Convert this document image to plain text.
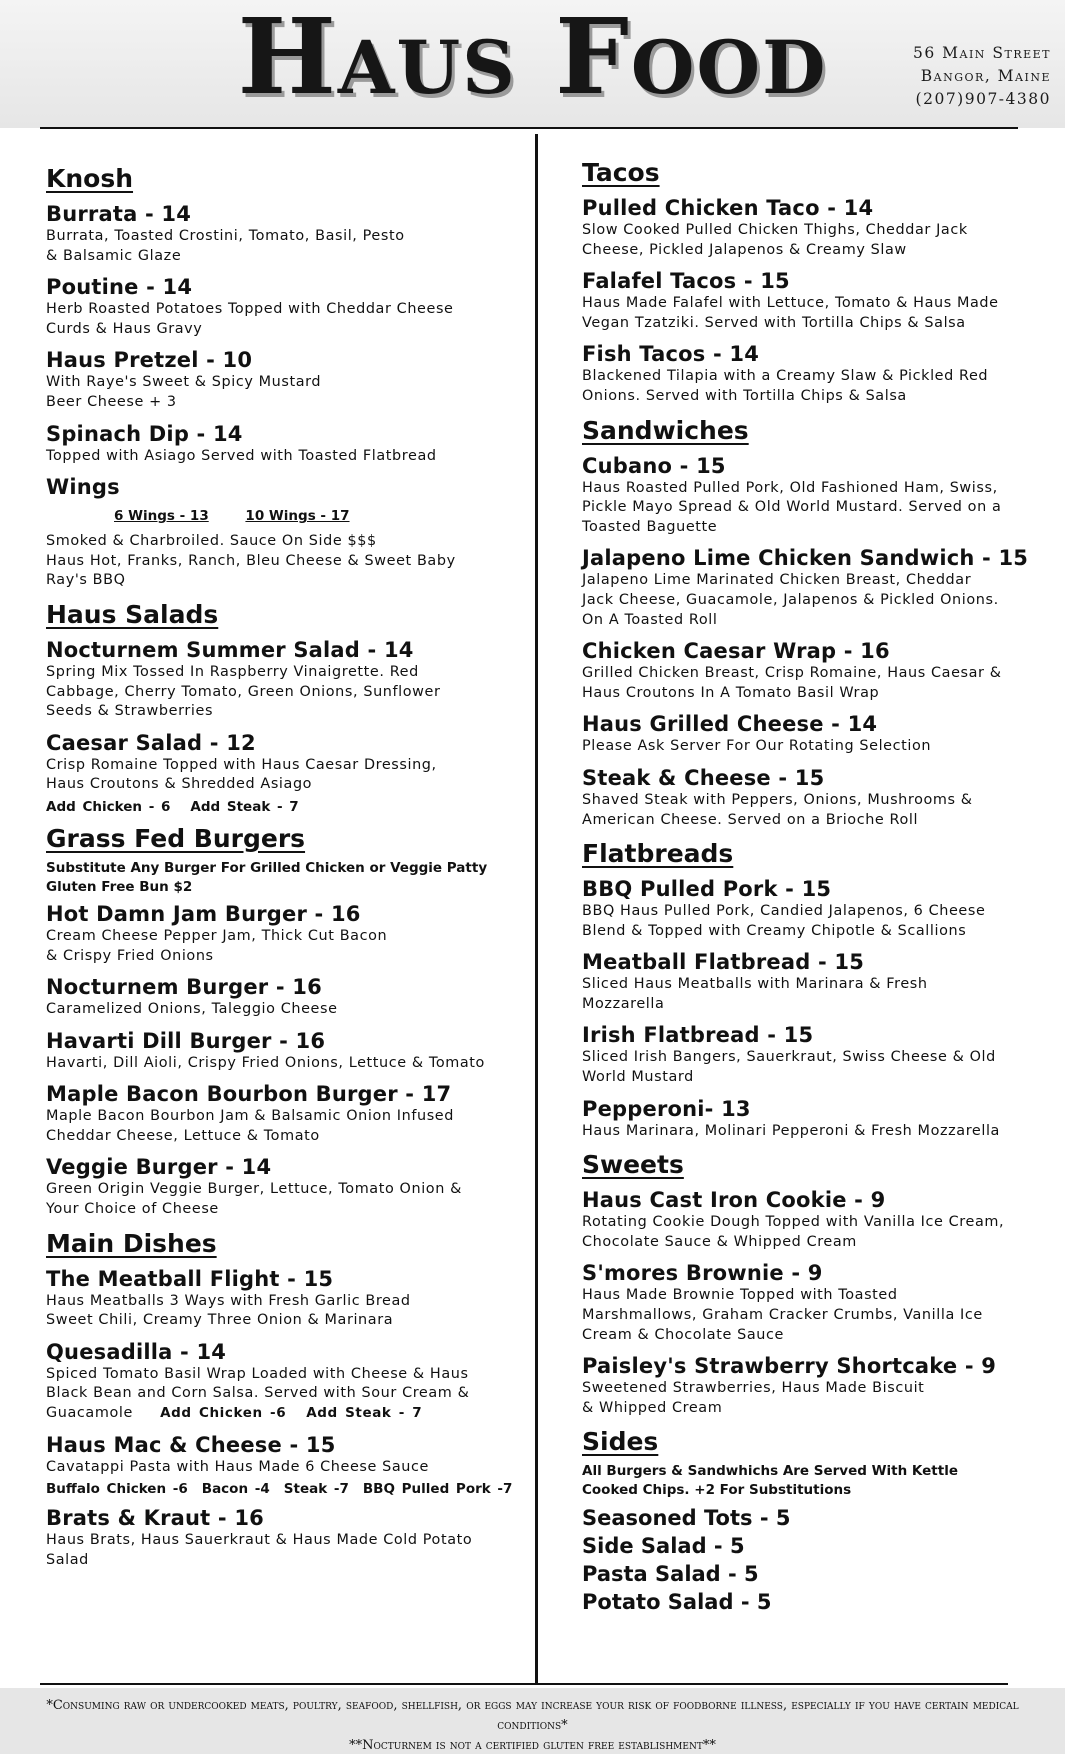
Haus Food	56 Main Street
Bangor, Maine
(207)907-4380
Knosh
Burrata - 14
Burrata, Toasted Crostini, Tomato, Basil, Pesto
& Balsamic Glaze
Poutine - 14
Herb Roasted Potatoes Topped with Cheddar Cheese
Curds & Haus Gravy
Haus Pretzel - 10
With Raye's Sweet & Spicy Mustard
Beer Cheese + 3
Spinach Dip - 14
Topped with Asiago Served with Toasted Flatbread
Wings
6 Wings - 13	10 Wings - 17
Smoked & Charbroiled. Sauce On Side $$$
Haus Hot, Franks, Ranch, Bleu Cheese & Sweet Baby
Ray's BBQ
Haus Salads
Nocturnem Summer Salad - 14
Spring Mix Tossed In Raspberry Vinaigrette. Red
Cabbage, Cherry Tomato, Green Onions, Sunflower
Seeds & Strawberries
Caesar Salad - 12
Crisp Romaine Topped with Haus Caesar Dressing,
Haus Croutons & Shredded Asiago
Add Chicken - 6 Add Steak - 7
Grass Fed Burgers
Substitute Any Burger For Grilled Chicken or Veggie Patty
Gluten Free Bun $2
Hot Damn Jam Burger - 16
Cream Cheese Pepper Jam, Thick Cut Bacon
& Crispy Fried Onions
Nocturnem Burger - 16
Caramelized Onions, Taleggio Cheese
Havarti Dill Burger - 16
Havarti, Dill Aioli, Crispy Fried Onions, Lettuce & Tomato
Maple Bacon Bourbon Burger - 17
Maple Bacon Bourbon Jam & Balsamic Onion Infused
Cheddar Cheese, Lettuce & Tomato
Veggie Burger - 14
Green Origin Veggie Burger, Lettuce, Tomato Onion &
Your Choice of Cheese
Main Dishes
The Meatball Flight - 15
Haus Meatballs 3 Ways with Fresh Garlic Bread
Sweet Chili, Creamy Three Onion & Marinara
Quesadilla - 14
Spiced Tomato Basil Wrap Loaded with Cheese & Haus
Black Bean and Corn Salsa. Served with Sour Cream &
Guacamole Add Chicken -6 Add Steak - 7
Haus Mac & Cheese - 15
Cavatappi Pasta with Haus Made 6 Cheese Sauce
Buffalo Chicken -6 Bacon -4 Steak -7 BBQ Pulled Pork -7
Brats & Kraut - 16
Haus Brats, Haus Sauerkraut & Haus Made Cold Potato
Salad
Tacos
Pulled Chicken Taco - 14
Slow Cooked Pulled Chicken Thighs, Cheddar Jack
Cheese, Pickled Jalapenos & Creamy Slaw
Falafel Tacos - 15
Haus Made Falafel with Lettuce, Tomato & Haus Made
Vegan Tzatziki. Served with Tortilla Chips & Salsa
Fish Tacos - 14
Blackened Tilapia with a Creamy Slaw & Pickled Red
Onions. Served with Tortilla Chips & Salsa
Sandwiches
Cubano - 15
Haus Roasted Pulled Pork, Old Fashioned Ham, Swiss,
Pickle Mayo Spread & Old World Mustard. Served on a
Toasted Baguette
Jalapeno Lime Chicken Sandwich - 15
Jalapeno Lime Marinated Chicken Breast, Cheddar
Jack Cheese, Guacamole, Jalapenos & Pickled Onions.
On A Toasted Roll
Chicken Caesar Wrap - 16
Grilled Chicken Breast, Crisp Romaine, Haus Caesar &
Haus Croutons In A Tomato Basil Wrap
Haus Grilled Cheese - 14
Please Ask Server For Our Rotating Selection
Steak & Cheese - 15
Shaved Steak with Peppers, Onions, Mushrooms &
American Cheese. Served on a Brioche Roll
Flatbreads
BBQ Pulled Pork - 15
BBQ Haus Pulled Pork, Candied Jalapenos, 6 Cheese
Blend & Topped with Creamy Chipotle & Scallions
Meatball Flatbread - 15
Sliced Haus Meatballs with Marinara & Fresh
Mozzarella
Irish Flatbread - 15
Sliced Irish Bangers, Sauerkraut, Swiss Cheese & Old
World Mustard
Pepperoni- 13
Haus Marinara, Molinari Pepperoni & Fresh Mozzarella
Sweets
Haus Cast Iron Cookie - 9
Rotating Cookie Dough Topped with Vanilla Ice Cream,
Chocolate Sauce & Whipped Cream
S'mores Brownie - 9
Haus Made Brownie Topped with Toasted
Marshmallows, Graham Cracker Crumbs, Vanilla Ice
Cream & Chocolate Sauce
Paisley's Strawberry Shortcake - 9
Sweetened Strawberries, Haus Made Biscuit
& Whipped Cream
Sides
All Burgers & Sandwhichs Are Served With Kettle
Cooked Chips. +2 For Substitutions
Seasoned Tots - 5
Side Salad - 5
Pasta Salad - 5
Potato Salad - 5
*Consuming raw or undercooked meats, poultry, seafood, shellfish, or eggs may increase your risk of foodborne illness, especially if you have certain medical conditions*
**Nocturnem is not a certified gluten free establishment**
